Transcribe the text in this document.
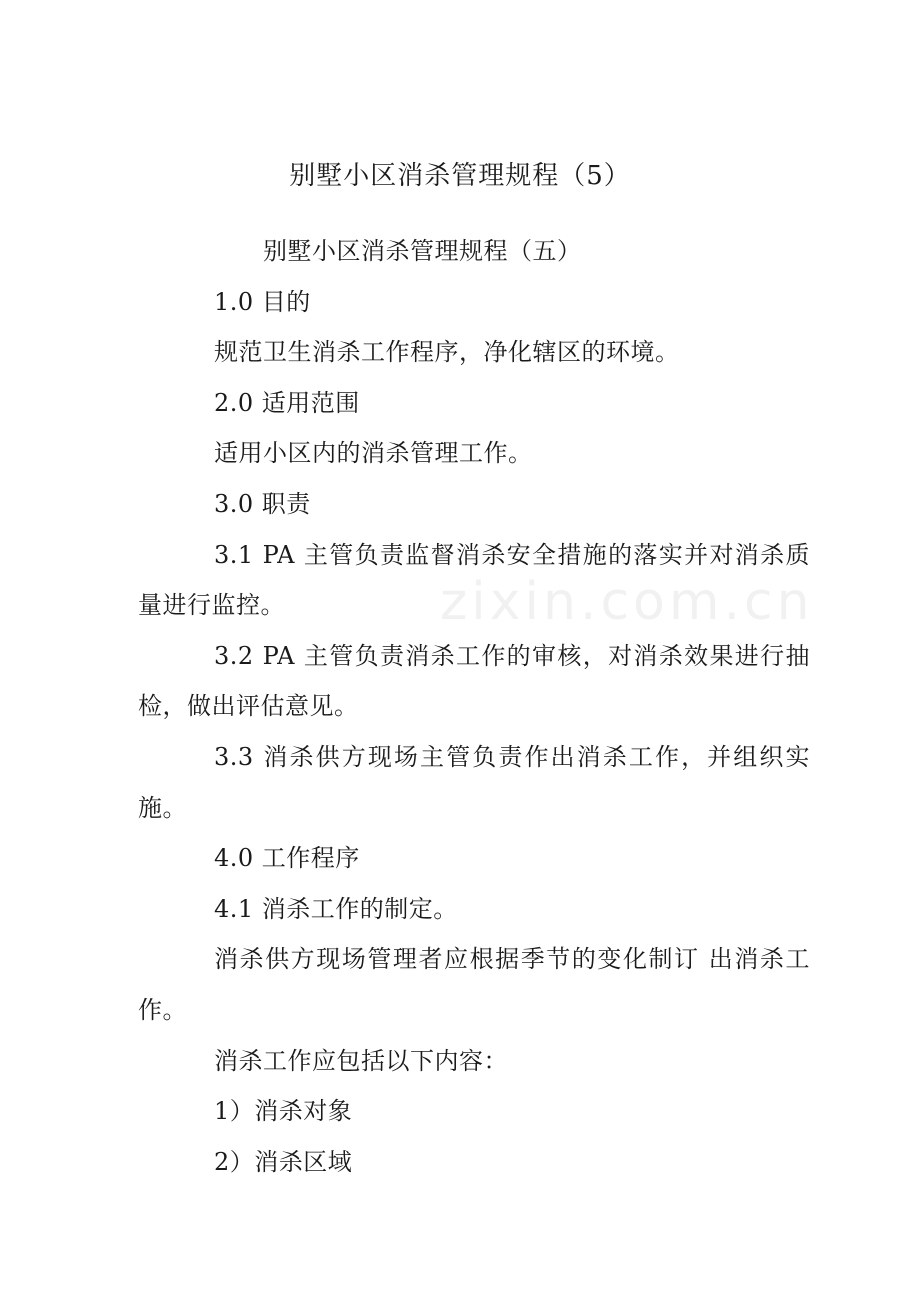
别墅小区消杀管理规程（5）

别墅小区消杀管理规程（五）

1.0 目的

规范卫生消杀工作程序，净化辖区的环境。

2.0 适用范围

适用小区内的消杀管理工作。

3.0 职责

3.1 PA 主管负责监督消杀安全措施的落实并对消杀质量进行监控。

3.2 PA 主管负责消杀工作的审核，对消杀效果进行抽 检，做出评估意见。

3.3 消杀供方现场主管负责作出消杀工作，并组织实 施。

4.0 工作程序

4.1 消杀工作的制定。

消杀供方现场管理者应根据季节的变化制订 出消杀工作。

消杀工作应包括以下内容：

1）消杀对象

2）消杀区域

zixin.com.cn
